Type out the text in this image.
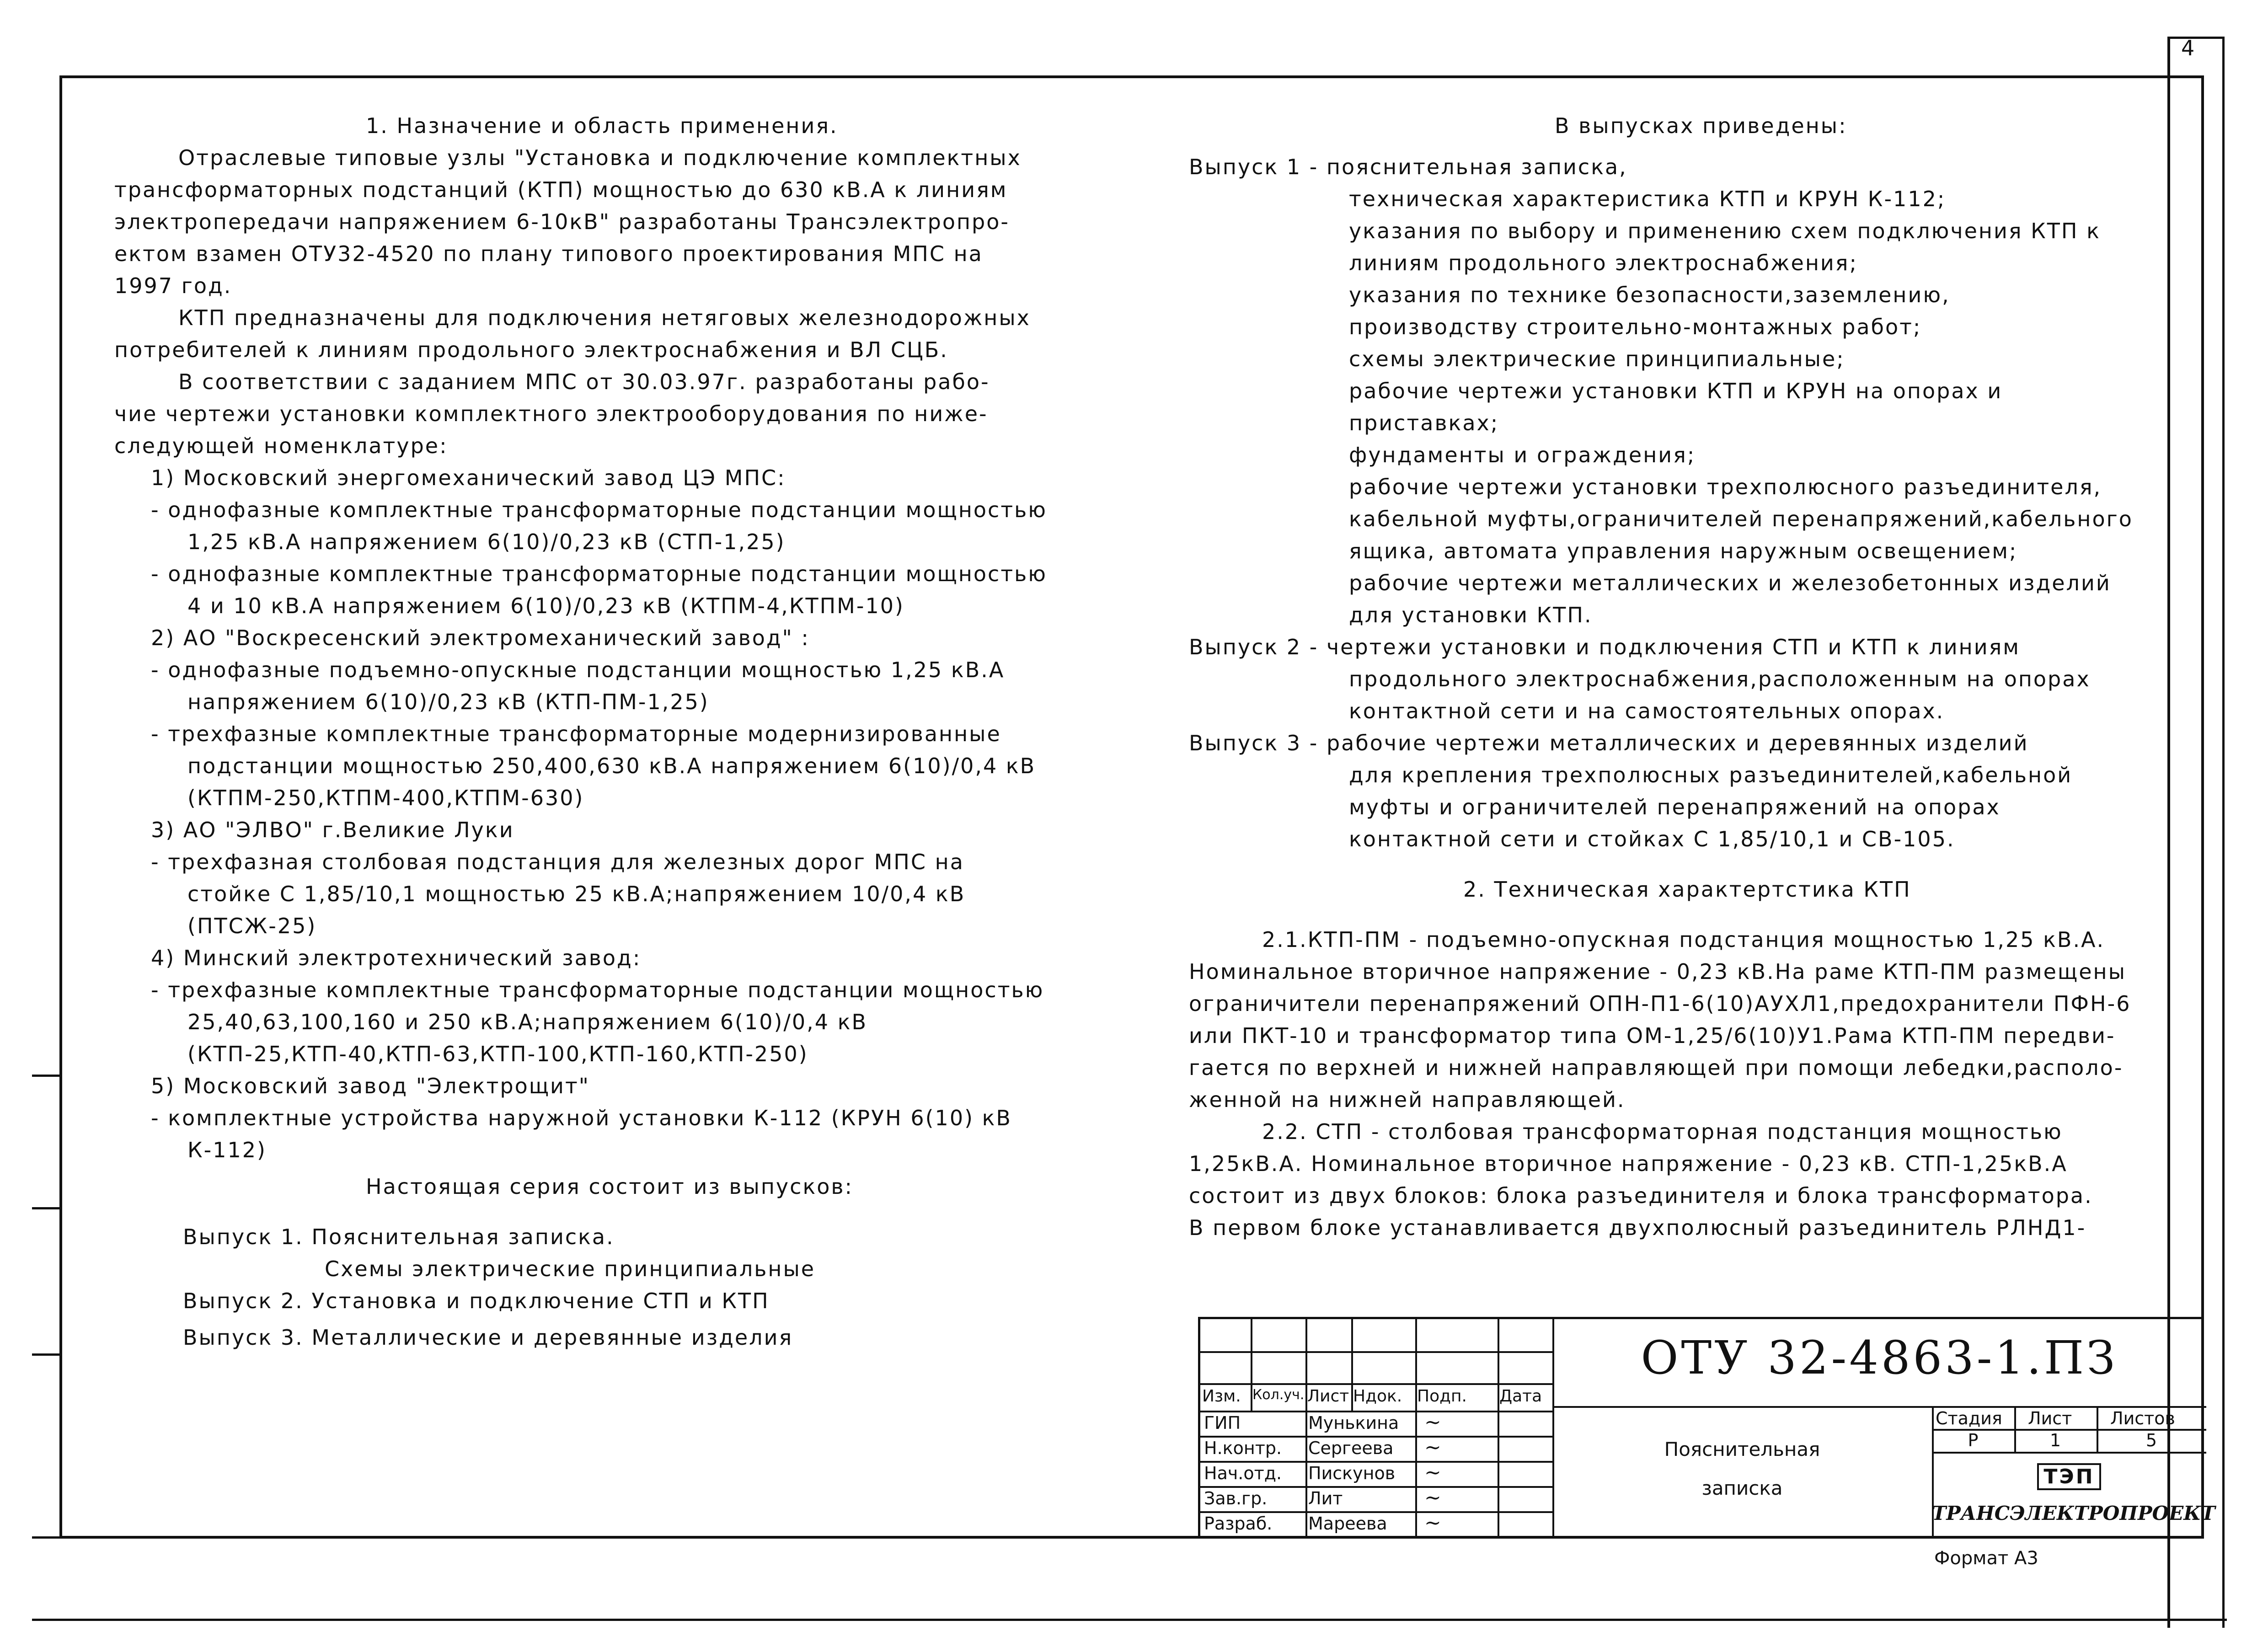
4
1. Назначение и область применения.
Отраслевые типовые узлы "Установка и подключение комплектных
трансформаторных подстанций (КТП) мощностью до 630 кВ.А к линиям
электропередачи напряжением 6-10кВ" разработаны Трансэлектропро-
ектом взамен ОТУ32-4520 по плану типового проектирования МПС на
1997 год.
КТП предназначены для подключения нетяговых железнодорожных
потребителей к линиям продольного электроснабжения и ВЛ СЦБ.
В соответствии с заданием МПС от 30.03.97г. разработаны рабо-
чие чертежи установки комплектного электрооборудования по ниже-
следующей номенклатуре:
1) Московский энергомеханический завод ЦЭ МПС:
- однофазные комплектные трансформаторные подстанции мощностью
1,25 кВ.А напряжением 6(10)/0,23 кВ (СТП-1,25)
- однофазные комплектные трансформаторные подстанции мощностью
4 и 10 кВ.А напряжением 6(10)/0,23 кВ (КТПМ-4,КТПМ-10)
2) АО "Воскресенский электромеханический завод" :
- однофазные подъемно-опускные подстанции мощностью 1,25 кВ.А
напряжением 6(10)/0,23 кВ (КТП-ПМ-1,25)
- трехфазные комплектные трансформаторные модернизированные
подстанции мощностью 250,400,630 кВ.А напряжением 6(10)/0,4 кВ
(КТПМ-250,КТПМ-400,КТПМ-630)
3) АО "ЭЛВО" г.Великие Луки
- трехфазная столбовая подстанция для железных дорог МПС на
стойке С 1,85/10,1 мощностью 25 кВ.А;напряжением 10/0,4 кВ
(ПТСЖ-25)
4) Минский электротехнический завод:
- трехфазные комплектные трансформаторные подстанции мощностью
25,40,63,100,160 и 250 кВ.А;напряжением 6(10)/0,4 кВ
(КТП-25,КТП-40,КТП-63,КТП-100,КТП-160,КТП-250)
5) Московский завод "Электрощит"
- комплектные устройства наружной установки К-112 (КРУН 6(10) кВ
К-112)
Настоящая серия состоит из выпусков:
Выпуск 1. Пояснительная записка.
Схемы электрические принципиальные
Выпуск 2. Установка и подключение СТП и КТП
Выпуск 3. Металлические и деревянные изделия
В выпусках приведены:
Выпуск 1 - пояснительная записка,
техническая характеристика КТП и КРУН К-112;
указания по выбору и применению схем подключения КТП к
линиям продольного электроснабжения;
указания по технике безопасности,заземлению,
производству строительно-монтажных работ;
схемы электрические принципиальные;
рабочие чертежи установки КТП и КРУН на опорах и
приставках;
фундаменты и ограждения;
рабочие чертежи установки трехполюсного разъединителя,
кабельной муфты,ограничителей перенапряжений,кабельного
ящика, автомата управления наружным освещением;
рабочие чертежи металлических и железобетонных изделий
для установки КТП.
Выпуск 2 - чертежи установки и подключения СТП и КТП к линиям
продольного электроснабжения,расположенным на опорах
контактной сети и на самостоятельных опорах.
Выпуск 3 - рабочие чертежи металлических и деревянных изделий
для крепления трехполюсных разъединителей,кабельной
муфты и ограничителей перенапряжений на опорах
контактной сети и стойках С 1,85/10,1 и СВ-105.
2. Техническая характертстика КТП
2.1.КТП-ПМ - подъемно-опускная подстанция мощностью 1,25 кВ.А.
Номинальное вторичное напряжение - 0,23 кВ.На раме КТП-ПМ размещены
ограничители перенапряжений ОПН-П1-6(10)АУХЛ1,предохранители ПФН-6
или ПКТ-10 и трансформатор типа ОМ-1,25/6(10)У1.Рама КТП-ПМ передви-
гается по верхней и нижней направляющей при помощи лебедки,располо-
женной на нижней направляющей.
2.2. СТП - столбовая трансформаторная подстанция мощностью
1,25кВ.А. Номинальное вторичное напряжение - 0,23 кВ. СТП-1,25кВ.А
состоит из двух блоков: блока разъединителя и блока трансформатора.
В первом блоке устанавливается двухполюсный разъединитель РЛНД1-
Изм. Кол.уч. Лист Ндок. Подп. Дата
ГИП	Мунькина ~
Н.контр. Сергеева ~
Нач.отд. Пискунов ~
Зав.гр. Лит	~
Разраб. Мареева ~
ОТУ 32-4863-1.ПЗ
Пояснительная
записка
Стадия Лист Листов
Р	1	5
ТЭП
ТРАНСЭЛЕКТРОПРОЕКТ
Формат А3
